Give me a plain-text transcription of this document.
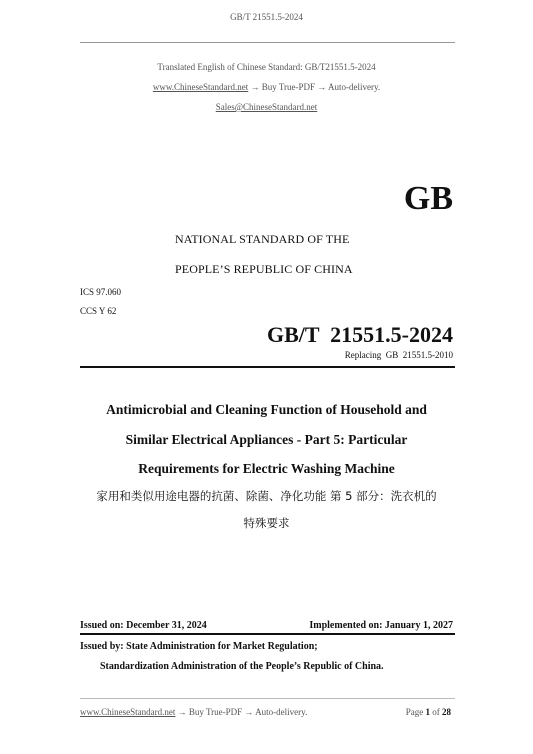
GB/T 21551.5-2024
Translated English of Chinese Standard: GB/T21551.5-2024
www.ChineseStandard.net → Buy True-PDF → Auto-delivery.
Sales@ChineseStandard.net
GB
NATIONAL STANDARD OF THE
PEOPLE’S REPUBLIC OF CHINA
ICS 97.060
CCS Y 62
GB/T  21551.5-2024
Replacing  GB  21551.5-2010
Antimicrobial and Cleaning Function of Household and
Similar Electrical Appliances - Part 5: Particular
Requirements for Electric Washing Machine
家用和类似用途电器的抗菌、除菌、净化功能 第 5 部分：洗衣机的
特殊要求
Issued on: December 31, 2024	Implemented on: January 1, 2027
Issued by: State Administration for Market Regulation;
Standardization Administration of the People’s Republic of China.
www.ChineseStandard.net → Buy True-PDF → Auto-delivery.	Page 1 of 28
